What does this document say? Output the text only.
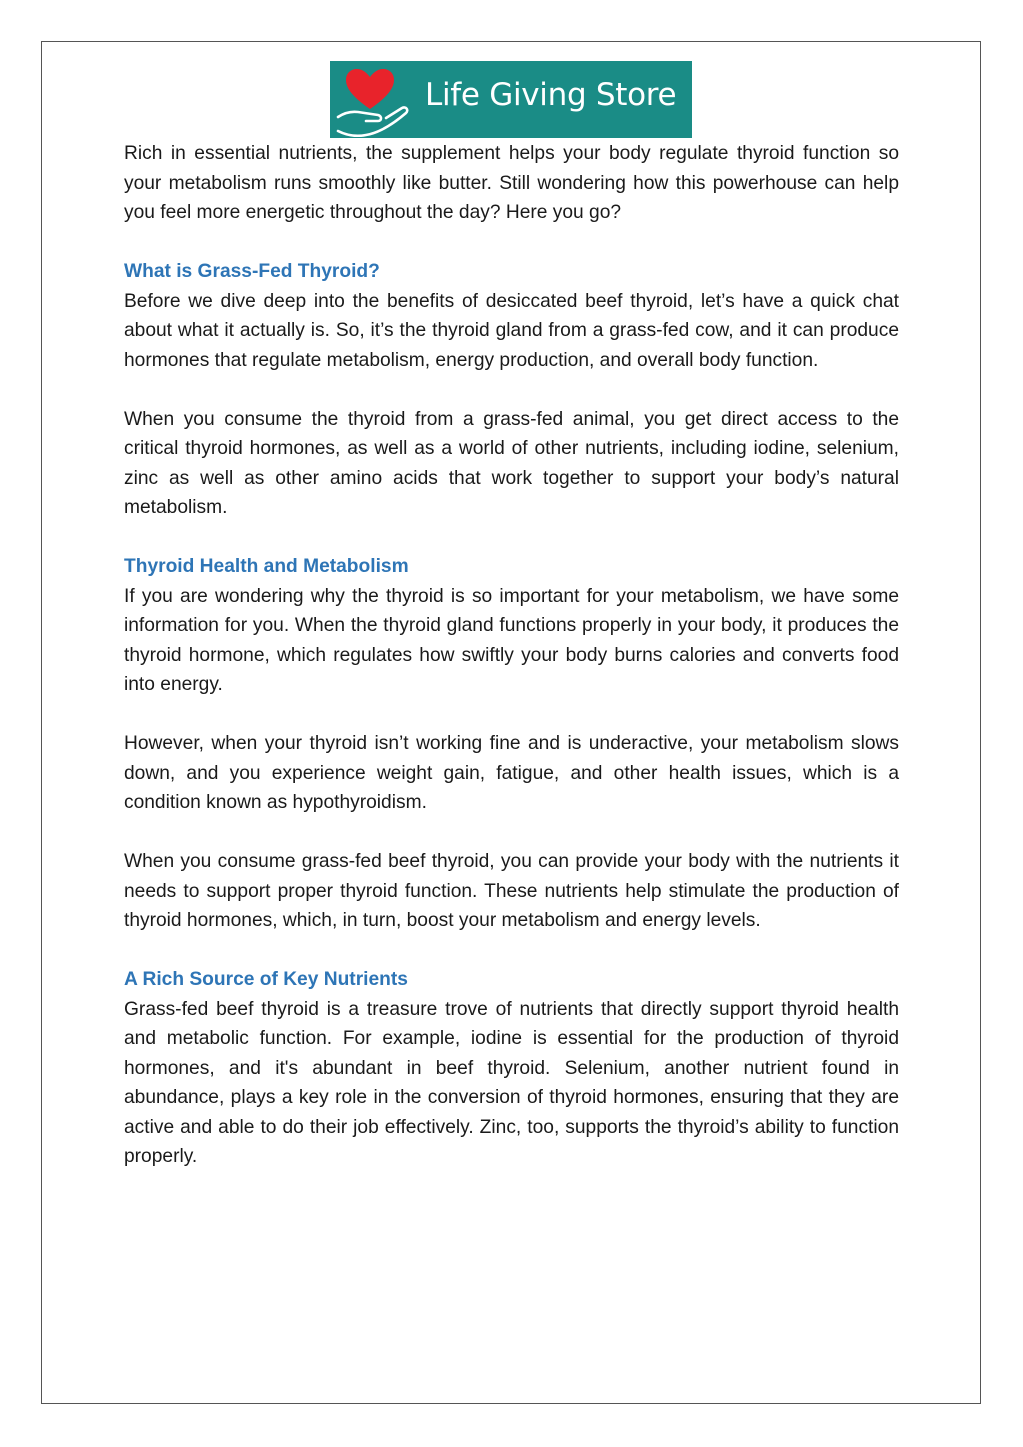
Life Giving Store

Rich in essential nutrients, the supplement helps your body regulate thyroid function so your metabolism runs smoothly like butter. Still wondering how this powerhouse can help you feel more energetic throughout the day? Here you go?

What is Grass-Fed Thyroid?

Before we dive deep into the benefits of desiccated beef thyroid, let’s have a quick chat about what it actually is. So, it’s the thyroid gland from a grass-fed cow, and it can produce hormones that regulate metabolism, energy production, and overall body function.

When you consume the thyroid from a grass-fed animal, you get direct access to the critical thyroid hormones, as well as a world of other nutrients, including iodine, selenium, zinc as well as other amino acids that work together to support your body’s natural metabolism.

Thyroid Health and Metabolism

If you are wondering why the thyroid is so important for your metabolism, we have some information for you. When the thyroid gland functions properly in your body, it produces the thyroid hormone, which regulates how swiftly your body burns calories and converts food into energy.

However, when your thyroid isn’t working fine and is underactive, your metabolism slows down, and you experience weight gain, fatigue, and other health issues, which is a condition known as hypothyroidism.

When you consume grass-fed beef thyroid, you can provide your body with the nutrients it needs to support proper thyroid function. These nutrients help stimulate the production of thyroid hormones, which, in turn, boost your metabolism and energy levels.

A Rich Source of Key Nutrients

Grass-fed beef thyroid is a treasure trove of nutrients that directly support thyroid health and metabolic function. For example, iodine is essential for the production of thyroid hormones, and it's abundant in beef thyroid. Selenium, another nutrient found in abundance, plays a key role in the conversion of thyroid hormones, ensuring that they are active and able to do their job effectively. Zinc, too, supports the thyroid’s ability to function properly.
